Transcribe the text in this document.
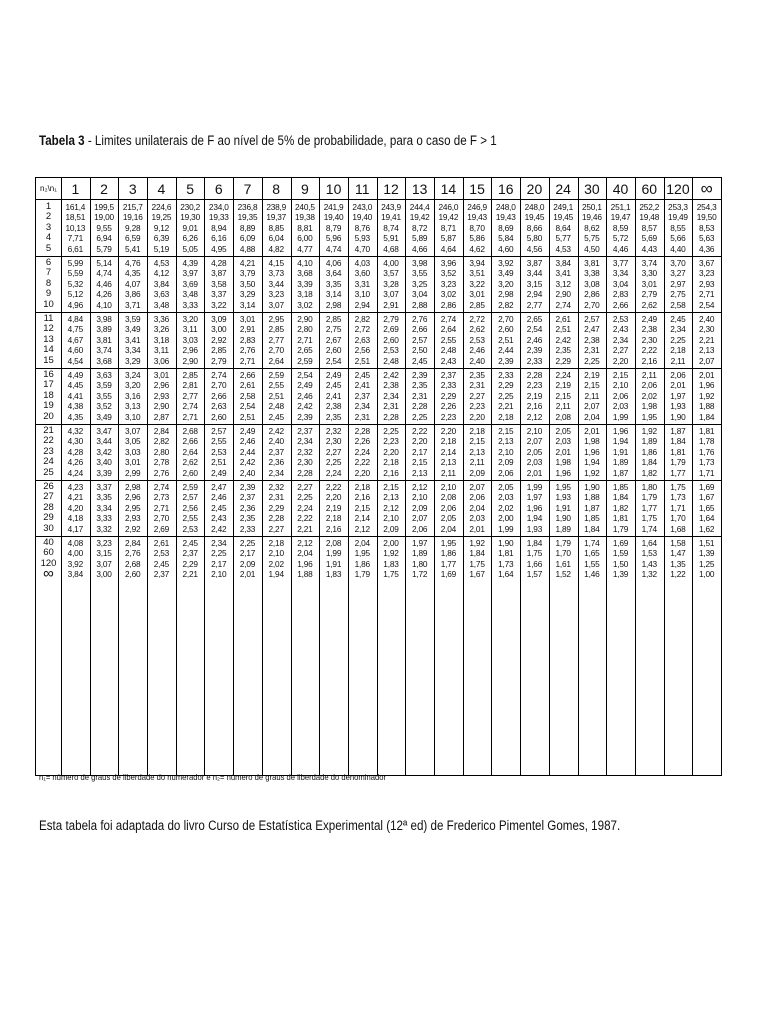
Tabela 3 - Limites unilaterais de F ao nível de 5% de probabilidade, para o caso de F > 1
n₂\n₁	1	2	3	4	5	6	7	8	9	10 11 12 13 14 15 16 20 24 30 40 60 120 ∞
1	161,4	199,5	215,7	224,6	230,2	234,0	236,8	238,9	240,5	241,9	243,0	243,9	244,4	246,0	246,9	248,0	248,0	249,1	250,1	251,1	252,2	253,3	254,3
2	18,51	19,00	19,16	19,25	19,30	19,33	19,35	19,37	19,38	19,40	19,40	19,41	19,42	19,42	19,43	19,43	19,45	19,45	19,46	19,47	19,48	19,49	19,50
3	10,13	9,55	9,28	9,12	9,01	8,94	8,89	8,85	8,81	8,79	8,76	8,74	8,72	8,71	8,70	8,69	8,66	8,64	8,62	8,59	8,57	8,55	8,53
4	7,71	6,94	6,59	6,39	6,26	6,16	6,09	6,04	6,00	5,96	5,93	5,91	5,89	5,87	5,86	5,84	5,80	5,77	5,75	5,72	5,69	5,66	5,63
5	6,61	5,79	5,41	5,19	5,05	4,95	4,88	4,82	4,77	4,74	4,70	4,68	4,66	4,64	4,62	4,60	4,56	4,53	4,50	4,46	4,43	4,40	4,36
6	5,99	5,14	4,76	4,53	4,39	4,28	4,21	4,15	4,10	4,06	4,03	4,00	3,98	3,96	3,94	3,92	3,87	3,84	3,81	3,77	3,74	3,70	3,67
7	5,59	4,74	4,35	4,12	3,97	3,87	3,79	3,73	3,68	3,64	3,60	3,57	3,55	3,52	3,51	3,49	3,44	3,41	3,38	3,34	3,30	3,27	3,23
8	5,32	4,46	4,07	3,84	3,69	3,58	3,50	3,44	3,39	3,35	3,31	3,28	3,25	3,23	3,22	3,20	3,15	3,12	3,08	3,04	3,01	2,97	2,93
9	5,12	4,26	3,86	3,63	3,48	3,37	3,29	3,23	3,18	3,14	3,10	3,07	3,04	3,02	3,01	2,98	2,94	2,90	2,86	2,83	2,79	2,75	2,71
10	4,96	4,10	3,71	3,48	3,33	3,22	3,14	3,07	3,02	2,98	2,94	2,91	2,88	2,86	2,85	2,82	2,77	2,74	2,70	2,66	2,62	2,58	2,54
11	4,84	3,98	3,59	3,36	3,20	3,09	3,01	2,95	2,90	2,85	2,82	2,79	2,76	2,74	2,72	2,70	2,65	2,61	2,57	2,53	2,49	2,45	2,40
12	4,75	3,89	3,49	3,26	3,11	3,00	2,91	2,85	2,80	2,75	2,72	2,69	2,66	2,64	2,62	2,60	2,54	2,51	2,47	2,43	2,38	2,34	2,30
13	4,67	3,81	3,41	3,18	3,03	2,92	2,83	2,77	2,71	2,67	2,63	2,60	2,57	2,55	2,53	2,51	2,46	2,42	2,38	2,34	2,30	2,25	2,21
14	4,60	3,74	3,34	3,11	2,96	2,85	2,76	2,70	2,65	2,60	2,56	2,53	2,50	2,48	2,46	2,44	2,39	2,35	2,31	2,27	2,22	2,18	2,13
15	4,54	3,68	3,29	3,06	2,90	2,79	2,71	2,64	2,59	2,54	2,51	2,48	2,45	2,43	2,40	2,39	2,33	2,29	2,25	2,20	2,16	2,11	2,07
16	4,49	3,63	3,24	3,01	2,85	2,74	2,66	2,59	2,54	2,49	2,45	2,42	2,39	2,37	2,35	2,33	2,28	2,24	2,19	2,15	2,11	2,06	2,01
17	4,45	3,59	3,20	2,96	2,81	2,70	2,61	2,55	2,49	2,45	2,41	2,38	2,35	2,33	2,31	2,29	2,23	2,19	2,15	2,10	2,06	2,01	1,96
18	4,41	3,55	3,16	2,93	2,77	2,66	2,58	2,51	2,46	2,41	2,37	2,34	2,31	2,29	2,27	2,25	2,19	2,15	2,11	2,06	2,02	1,97	1,92
19	4,38	3,52	3,13	2,90	2,74	2,63	2,54	2,48	2,42	2,38	2,34	2,31	2,28	2,26	2,23	2,21	2,16	2,11	2,07	2,03	1,98	1,93	1,88
20	4,35	3,49	3,10	2,87	2,71	2,60	2,51	2,45	2,39	2,35	2,31	2,28	2,25	2,23	2,20	2,18	2,12	2,08	2,04	1,99	1,95	1,90	1,84
21	4,32	3,47	3,07	2,84	2,68	2,57	2,49	2,42	2,37	2,32	2,28	2,25	2,22	2,20	2,18	2,15	2,10	2,05	2,01	1,96	1,92	1,87	1,81
22	4,30	3,44	3,05	2,82	2,66	2,55	2,46	2,40	2,34	2,30	2,26	2,23	2,20	2,18	2,15	2,13	2,07	2,03	1,98	1,94	1,89	1,84	1,78
23	4,28	3,42	3,03	2,80	2,64	2,53	2,44	2,37	2,32	2,27	2,24	2,20	2,17	2,14	2,13	2,10	2,05	2,01	1,96	1,91	1,86	1,81	1,76
24	4,26	3,40	3,01	2,78	2,62	2,51	2,42	2,36	2,30	2,25	2,22	2,18	2,15	2,13	2,11	2,09	2,03	1,98	1,94	1,89	1,84	1,79	1,73
25	4,24	3,39	2,99	2,76	2,60	2,49	2,40	2,34	2,28	2,24	2,20	2,16	2,13	2,11	2,09	2,06	2,01	1,96	1,92	1,87	1,82	1,77	1,71
26	4,23	3,37	2,98	2,74	2,59	2,47	2,39	2,32	2,27	2,22	2,18	2,15	2,12	2,10	2,07	2,05	1,99	1,95	1,90	1,85	1,80	1,75	1,69
27	4,21	3,35	2,96	2,73	2,57	2,46	2,37	2,31	2,25	2,20	2,16	2,13	2,10	2,08	2,06	2,03	1,97	1,93	1,88	1,84	1,79	1,73	1,67
28	4,20	3,34	2,95	2,71	2,56	2,45	2,36	2,29	2,24	2,19	2,15	2,12	2,09	2,06	2,04	2,02	1,96	1,91	1,87	1,82	1,77	1,71	1,65
29	4,18	3,33	2,93	2,70	2,55	2,43	2,35	2,28	2,22	2,18	2,14	2,10	2,07	2,05	2,03	2,00	1,94	1,90	1,85	1,81	1,75	1,70	1,64
30	4,17	3,32	2,92	2,69	2,53	2,42	2,33	2,27	2,21	2,16	2,12	2,09	2,06	2,04	2,01	1,99	1,93	1,89	1,84	1,79	1,74	1,68	1,62
40	4,08	3,23	2,84	2,61	2,45	2,34	2,25	2,18	2,12	2,08	2,04	2,00	1,97	1,95	1,92	1,90	1,84	1,79	1,74	1,69	1,64	1,58	1,51
60	4,00	3,15	2,76	2,53	2,37	2,25	2,17	2,10	2,04	1,99	1,95	1,92	1,89	1,86	1,84	1,81	1,75	1,70	1,65	1,59	1,53	1,47	1,39
120	3,92	3,07	2,68	2,45	2,29	2,17	2,09	2,02	1,96	1,91	1,86	1,83	1,80	1,77	1,75	1,73	1,66	1,61	1,55	1,50	1,43	1,35	1,25
∞	3,84	3,00	2,60	2,37	2,21	2,10	2,01	1,94	1,88	1,83	1,79	1,75	1,72	1,69	1,67	1,64	1,57	1,52	1,46	1,39	1,32	1,22	1,00
n₁= número de graus de liberdade do numerador e n₂= número de graus de liberdade do denominador
Esta tabela foi adaptada do livro Curso de Estatística Experimental (12ª ed) de Frederico Pimentel Gomes, 1987.
